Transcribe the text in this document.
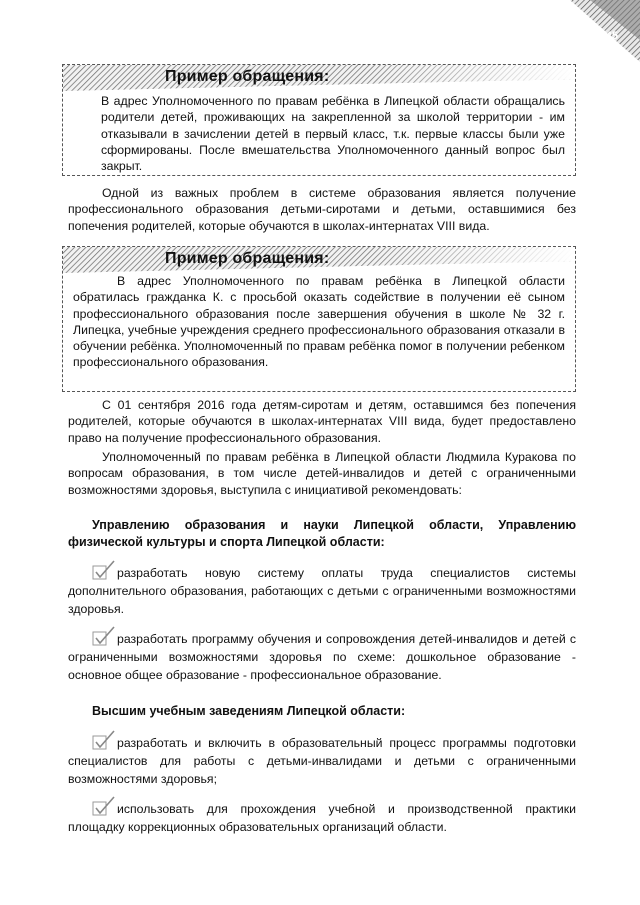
45
Пример обращения:

В адрес Уполномоченного по правам ребёнка в Липецкой области обращались родители детей, проживающих на закрепленной за школой территории - им отказывали в зачислении детей в первый класс, т.к. первые классы были уже сформированы. После вмешательства Уполномоченного данный вопрос был закрыт.

Одной из важных проблем в системе образования является получение профессионального образования детьми-сиротами и детьми, оставшимися без попечения родителей, которые обучаются в школах-интернатах VIII вида.

Пример обращения:

В адрес Уполномоченного по правам ребёнка в Липецкой области обратилась гражданка К. с просьбой оказать содействие в получении её сыном профессионального образования после завершения обучения в школе № 32 г. Липецка, учебные учреждения среднего профессионального образования отказали в обучении ребёнка. Уполномоченный по правам ребёнка помог в получении ребенком профессионального образования.

С 01 сентября 2016 года детям-сиротам и детям, оставшимся без попечения родителей, которые обучаются в школах-интернатах VIII вида, будет предоставлено право на получение профессионального образования.

Уполномоченный по правам ребёнка в Липецкой области Людмила Куракова по вопросам образования, в том числе детей-инвалидов и детей с ограниченными возможностями здоровья, выступила с инициативой рекомендовать:

Управлению образования и науки Липецкой области, Управлению физической культуры и спорта Липецкой области:

разработать новую систему оплаты труда специалистов системы дополнительного образования, работающих с детьми с ограниченными возможностями здоровья.

разработать программу обучения и сопровождения детей-инвалидов и детей с ограниченными возможностями здоровья по схеме: дошкольное образование - основное общее образование - профессиональное образование.

Высшим учебным заведениям Липецкой области:

разработать и включить в образовательный процесс программы подготовки специалистов для работы с детьми-инвалидами и детьми с ограниченными возможностями здоровья;

использовать для прохождения учебной и производственной практики площадку коррекционных образовательных организаций области.
